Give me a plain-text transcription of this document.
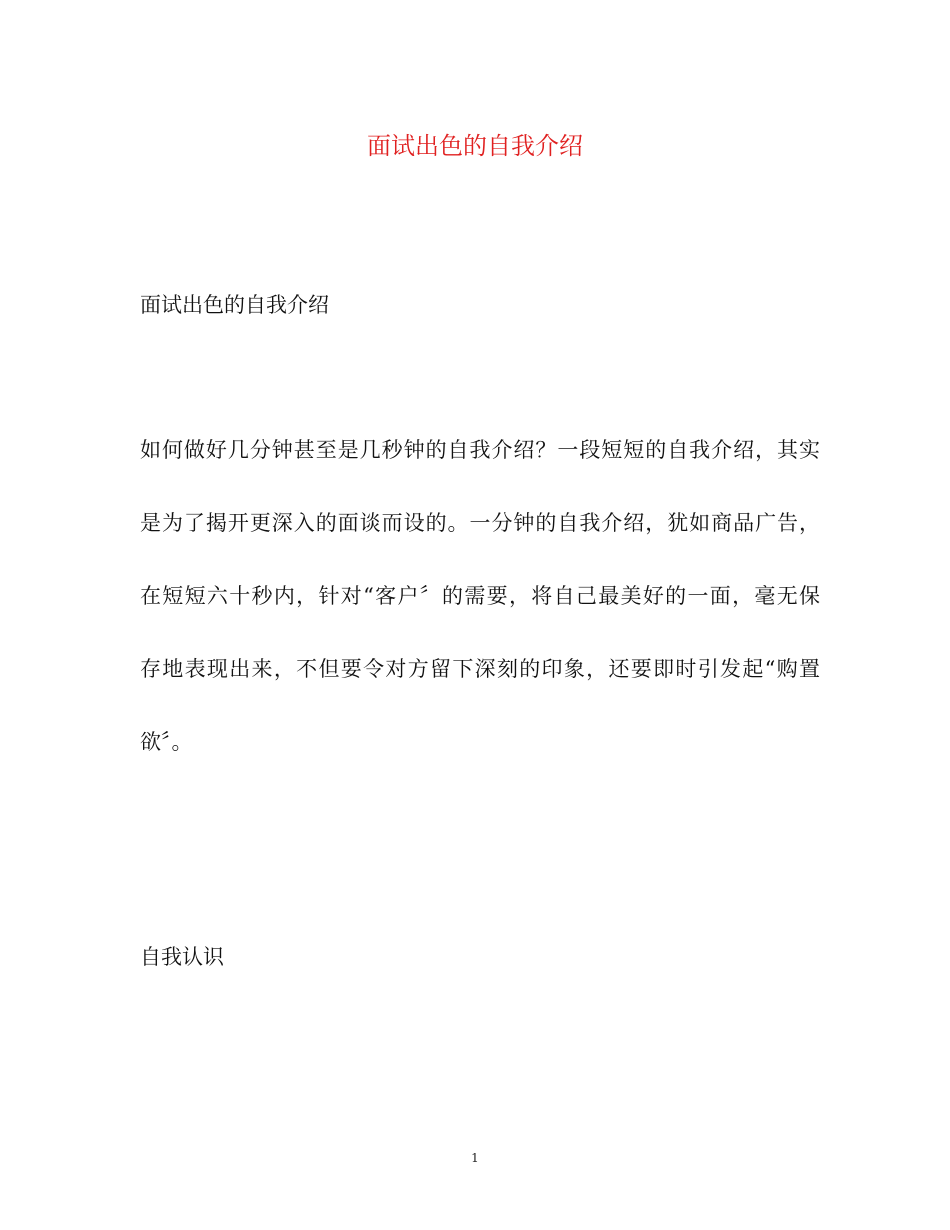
面试出色的自我介绍
面试出色的自我介绍

如何做好几分钟甚至是几秒钟的自我介绍？一段短短的自我介绍，其实
是为了揭开更深入的面谈而设的。一分钟的自我介绍，犹如商品广告，
在短短六十秒内，针对“客户〞的需要，将自己最美好的一面，毫无保
存地表现出来，不但要令对方留下深刻的印象，还要即时引发起“购置
欲〞。

自我认识
1
